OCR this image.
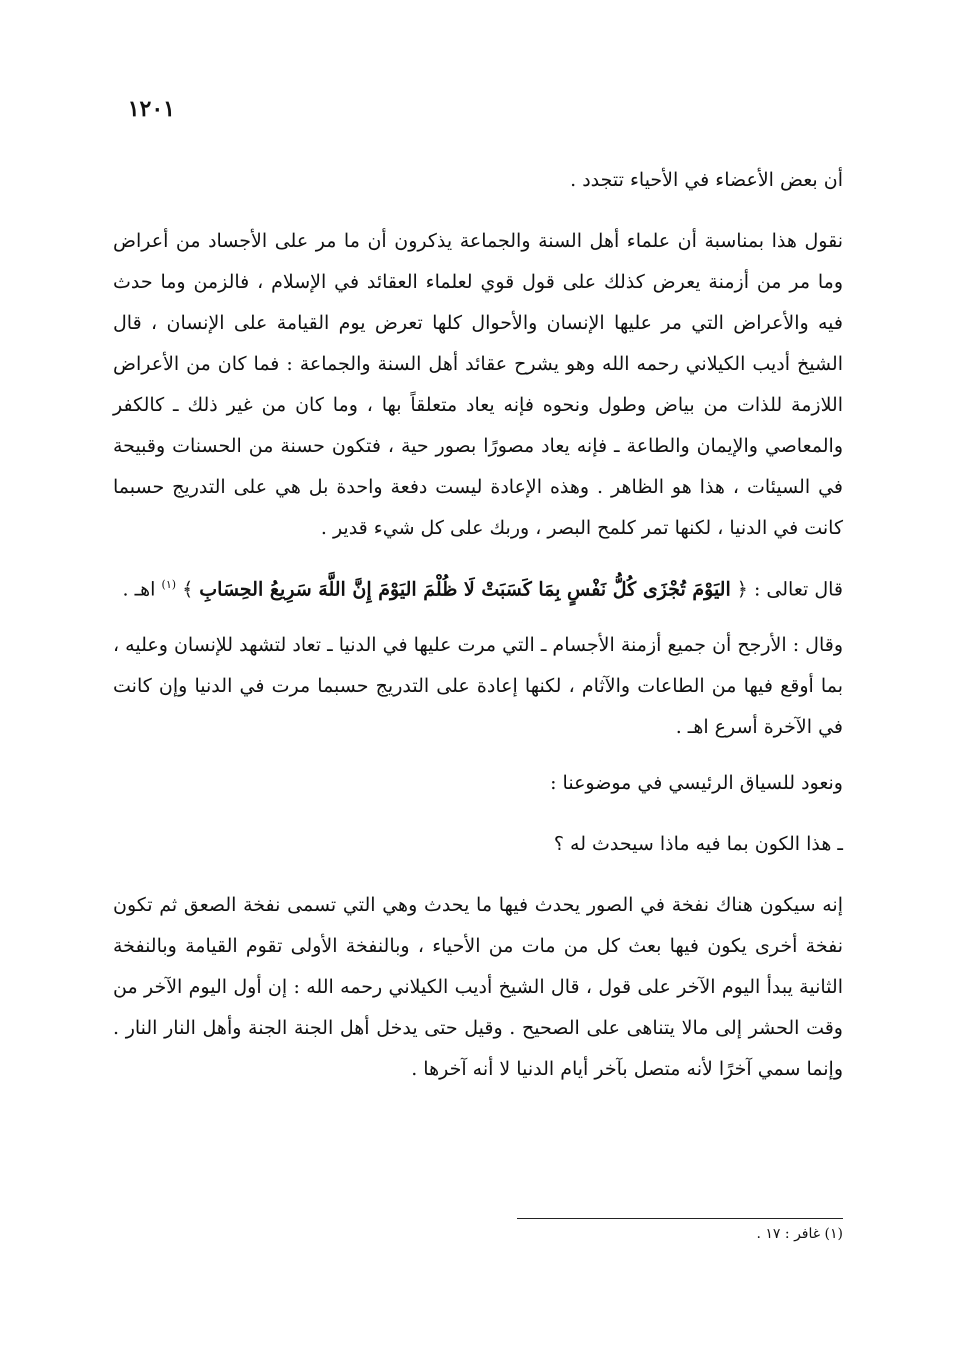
١٢٠١

أن بعض الأعضاء في الأحياء تتجدد .

نقول هذا بمناسبة أن علماء أهل السنة والجماعة يذكرون أن ما مر على الأجساد من أعراض وما مر من أزمنة يعرض كذلك على قول قوي لعلماء العقائد في الإسلام ، فالزمن وما حدث فيه والأعراض التي مر عليها الإنسان والأحوال كلها تعرض يوم القيامة على الإنسان ، قال الشيخ أديب الكيلاني رحمه الله وهو يشرح عقائد أهل السنة والجماعة : فما كان من الأعراض اللازمة للذات من بياض وطول ونحوه فإنه يعاد متعلقاً بها ، وما كان من غير ذلك ـ كالكفر والمعاصي والإيمان والطاعة ـ فإنه يعاد مصورًا بصور حية ، فتكون حسنة من الحسنات وقبيحة في السيئات ، هذا هو الظاهر . وهذه الإعادة ليست دفعة واحدة بل هي على التدريج حسبما كانت في الدنيا ، لكنها تمر كلمح البصر ، وربك على كل شيء قدير .

قال تعالى : ﴿ اليَوْمَ تُجْزَى كُلُّ نَفْسٍ بِمَا كَسَبَتْ لَا ظُلْمَ اليَوْمَ إِنَّ اللَّهَ سَرِيعُ الحِسَابِ ﴾ $^{(١)}$ اهـ .

وقال : الأرجح أن جميع أزمنة الأجسام ـ التي مرت عليها في الدنيا ـ تعاد لتشهد للإنسان وعليه ، بما أوقع فيها من الطاعات والآثام ، لكنها إعادة على التدريج حسبما مرت في الدنيا وإن كانت في الآخرة أسرع اهـ .

ونعود للسياق الرئيسي في موضوعنا :

ـ هذا الكون بما فيه ماذا سيحدث له ؟

إنه سيكون هناك نفخة في الصور يحدث فيها ما يحدث وهي التي تسمى نفخة الصعق ثم تكون نفخة أخرى يكون فيها بعث كل من مات من الأحياء ، وبالنفخة الأولى تقوم القيامة وبالنفخة الثانية يبدأ اليوم الآخر على قول ، قال الشيخ أديب الكيلاني رحمه الله : إن أول اليوم الآخر من وقت الحشر إلى مالا يتناهى على الصحيح . وقيل حتى يدخل أهل الجنة الجنة وأهل النار النار . وإنما سمي آخرًا لأنه متصل بآخر أيام الدنيا لا أنه آخرها .

(١) غافر : ١٧ .
